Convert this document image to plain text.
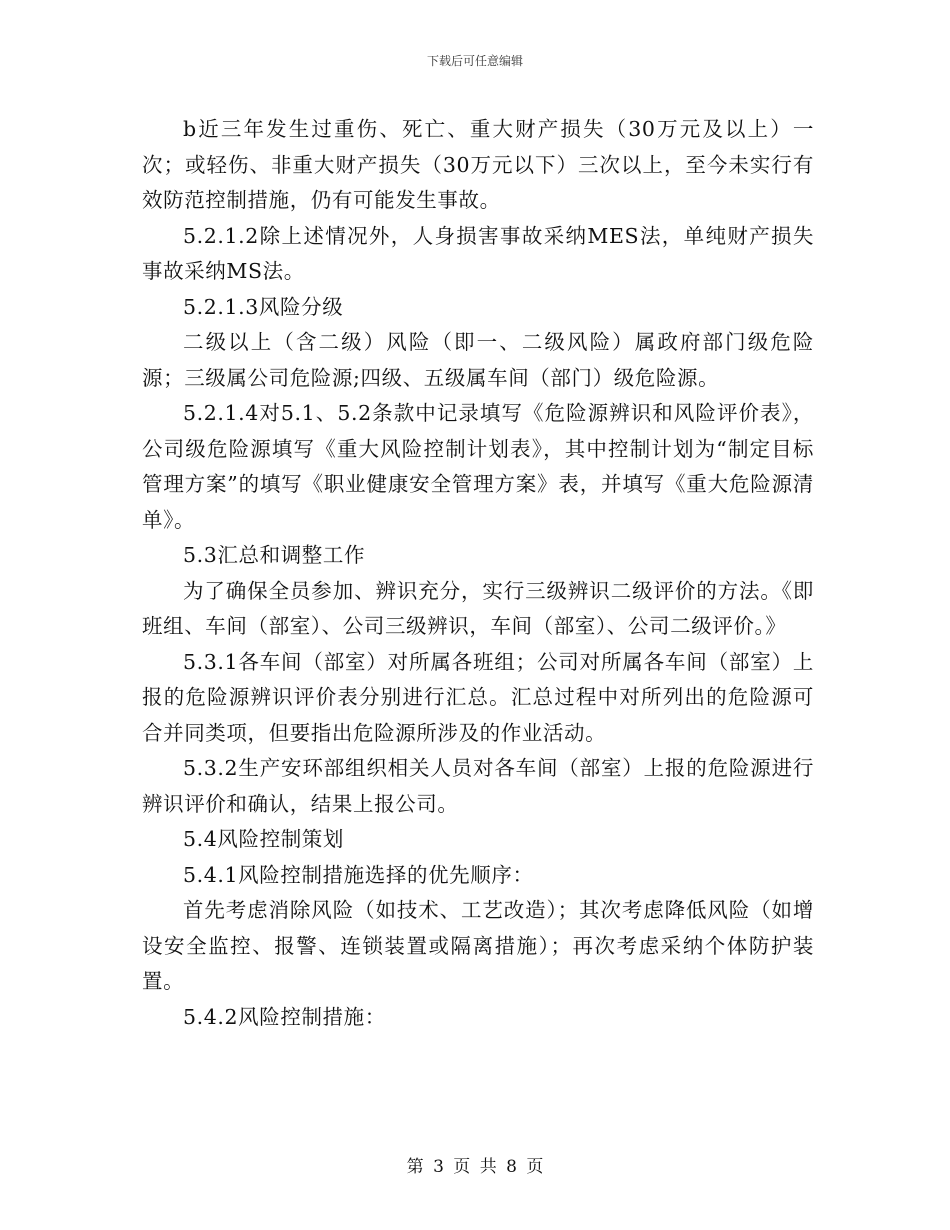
下载后可任意编辑

b近三年发生过重伤、死亡、重大财产损失（30万元及以上）一次；或轻伤、非重大财产损失（30万元以下）三次以上，至今未实行有效防范控制措施，仍有可能发生事故。

5.2.1.2除上述情况外，人身损害事故采纳MES法，单纯财产损失事故采纳MS法。

5.2.1.3风险分级

二级以上（含二级）风险（即一、二级风险）属政府部门级危险源；三级属公司危险源;四级、五级属车间（部门）级危险源。

5.2.1.4对5.1、5.2条款中记录填写《危险源辨识和风险评价表》，公司级危险源填写《重大风险控制计划表》，其中控制计划为“制定目标管理方案”的填写《职业健康安全管理方案》表，并填写《重大危险源清单》。

5.3汇总和调整工作

为了确保全员参加、辨识充分，实行三级辨识二级评价的方法。《即班组、车间（部室）、公司三级辨识，车间（部室）、公司二级评价。》

5.3.1各车间（部室）对所属各班组；公司对所属各车间（部室）上报的危险源辨识评价表分别进行汇总。汇总过程中对所列出的危险源可合并同类项，但要指出危险源所涉及的作业活动。

5.3.2生产安环部组织相关人员对各车间（部室）上报的危险源进行辨识评价和确认，结果上报公司。

5.4风险控制策划

5.4.1风险控制措施选择的优先顺序：

首先考虑消除风险（如技术、工艺改造）；其次考虑降低风险（如增设安全监控、报警、连锁装置或隔离措施）；再次考虑采纳个体防护装置。

5.4.2风险控制措施：

第 3 页 共 8 页
